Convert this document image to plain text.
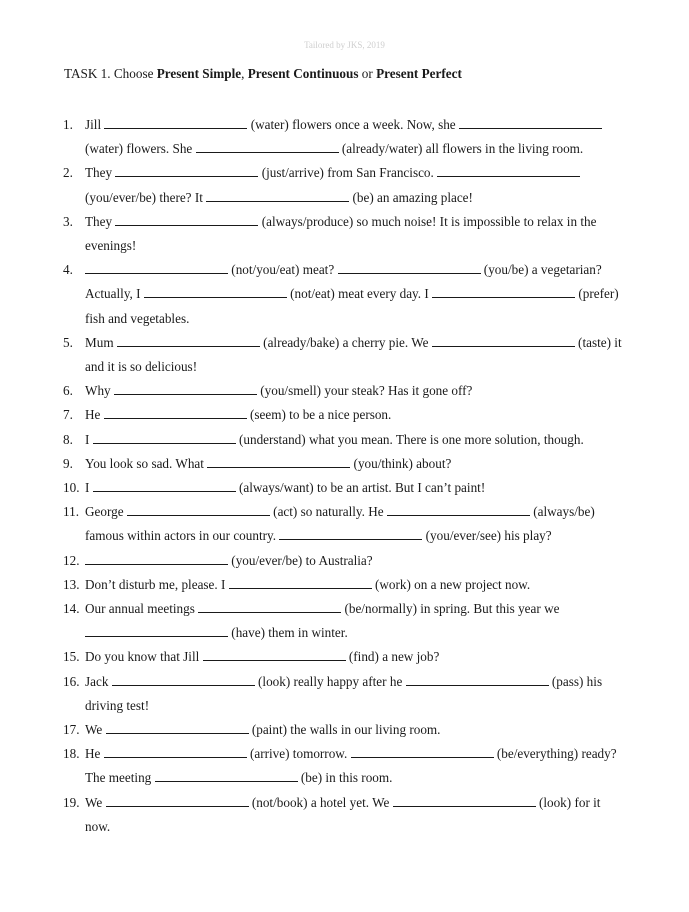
Tailored by JKS, 2019
TASK 1. Choose Present Simple, Present Continuous or Present Perfect
1. Jill	(water) flowers once a week. Now, she	(water) flowers. She	(already/water) all flowers in the living room.
2. They	(just/arrive) from San Francisco.	(you/ever/be) there? It	(be) an amazing place!
3. They	(always/produce) so much noise! It is impossible to relax in the evenings!
4.	(not/you/eat) meat?	(you/be) a vegetarian? Actually, I	(not/eat) meat every day. I	(prefer) fish and vegetables.
5. Mum	(already/bake) a cherry pie. We	(taste) it and it is so delicious!
6. Why	(you/smell) your steak? Has it gone off?
7. He	(seem) to be a nice person.
8. I	(understand) what you mean. There is one more solution, though.
9. You look so sad. What	(you/think) about?
10. I	(always/want) to be an artist. But I can’t paint!
11. George	(act) so naturally. He	(always/be) famous within actors in our country.	(you/ever/see) his play?
12.	(you/ever/be) to Australia?
13. Don’t disturb me, please. I	(work) on a new project now.
14. Our annual meetings	(be/normally) in spring. But this year we  (have) them in winter.
15. Do you know that Jill	(find) a new job?
16. Jack	(look) really happy after he	(pass) his driving test!
17. We	(paint) the walls in our living room.
18. He	(arrive) tomorrow.	(be/everything) ready? The meeting	(be) in this room.
19. We	(not/book) a hotel yet. We	(look) for it now.
